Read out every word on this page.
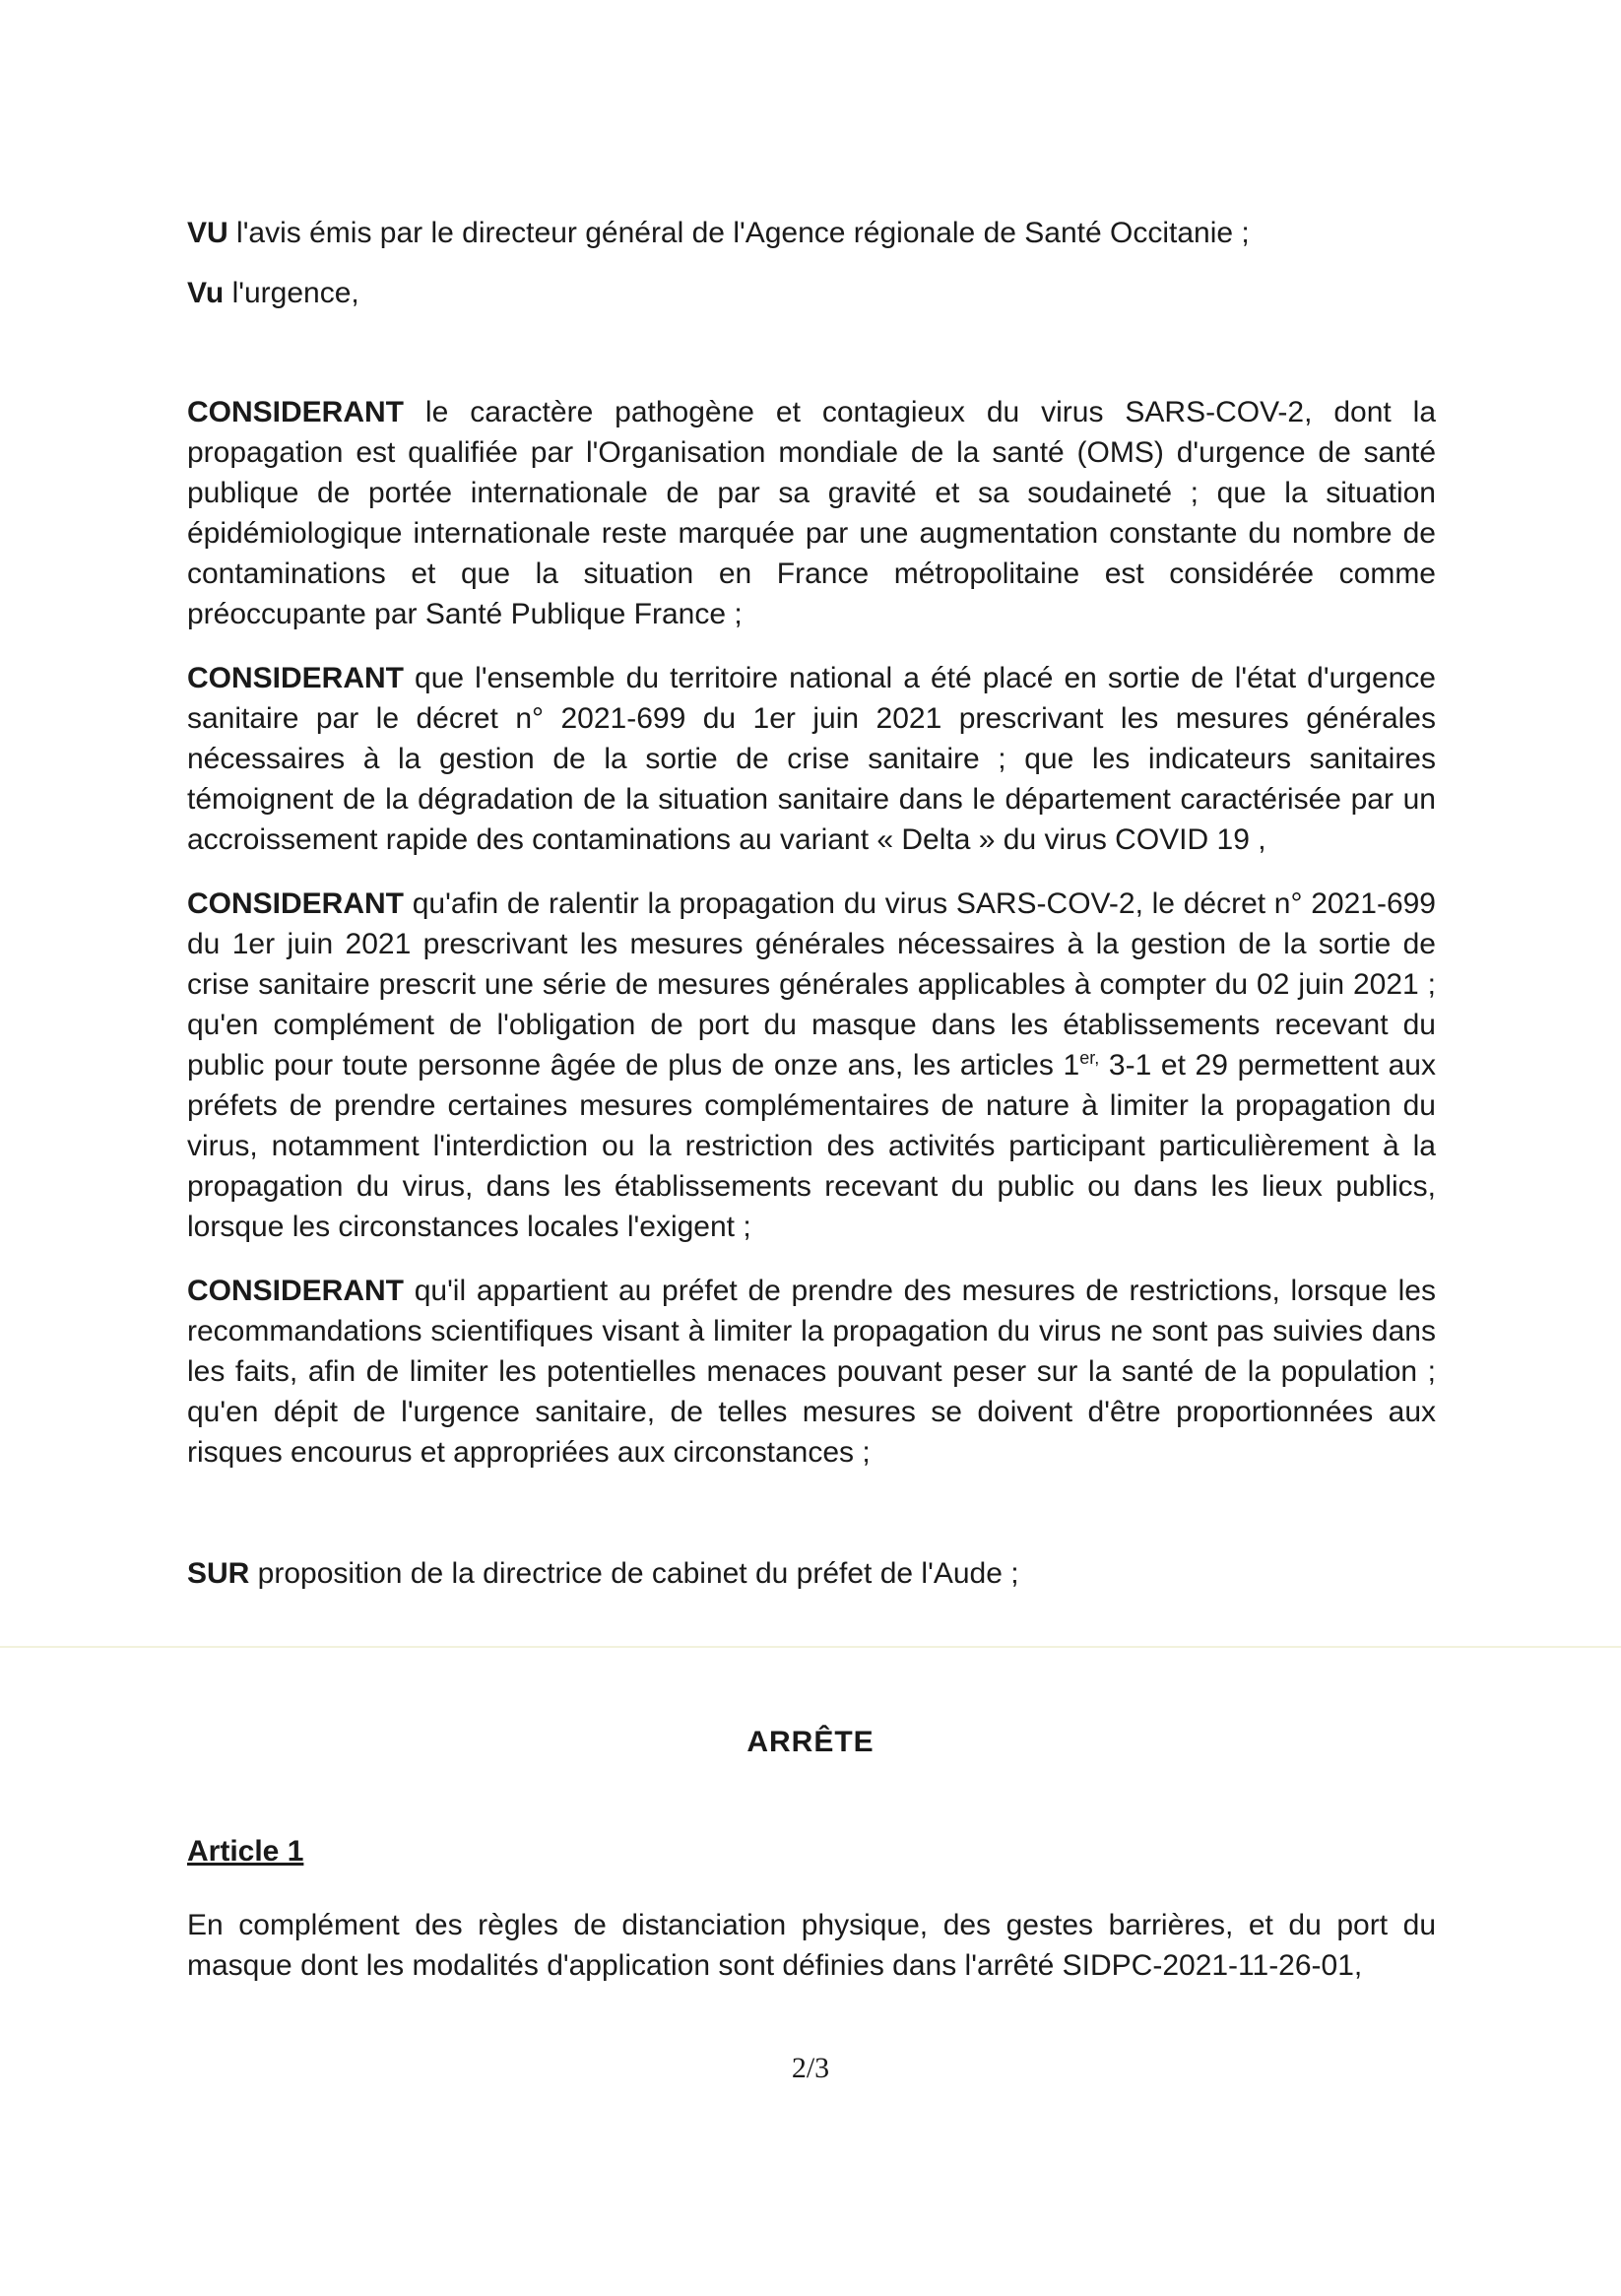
VU l'avis émis par le directeur général de l'Agence régionale de Santé Occitanie ;

Vu l'urgence,

CONSIDERANT le caractère pathogène et contagieux du virus SARS-COV-2, dont la propagation est qualifiée par l'Organisation mondiale de la santé (OMS) d'urgence de santé publique de portée internationale de par sa gravité et sa soudaineté ; que la situation épidémiologique internationale reste marquée par une augmentation constante du nombre de contaminations et que la situation en France métropolitaine est considérée comme préoccupante par Santé Publique France ;

CONSIDERANT que l'ensemble du territoire national a été placé en sortie de l'état d'urgence sanitaire par le décret n° 2021-699 du 1er juin 2021 prescrivant les mesures générales nécessaires à la gestion de la sortie de crise sanitaire ; que les indicateurs sanitaires témoignent de la dégradation de la situation sanitaire dans le département caractérisée par un accroissement rapide des contaminations au variant « Delta » du virus COVID 19 ,

CONSIDERANT qu'afin de ralentir la propagation du virus SARS-COV-2, le décret n° 2021-699 du 1er juin 2021 prescrivant les mesures générales nécessaires à la gestion de la sortie de crise sanitaire prescrit une série de mesures générales applicables à compter du 02 juin 2021 ; qu'en complément de l'obligation de port du masque dans les établissements recevant du public pour toute personne âgée de plus de onze ans, les articles $1^{er,}$ 3-1 et 29 permettent aux préfets de prendre certaines mesures complémentaires de nature à limiter la propagation du virus, notamment l'interdiction ou la restriction des activités participant particulièrement à la propagation du virus, dans les établissements recevant du public ou dans les lieux publics, lorsque les circonstances locales l'exigent ;

CONSIDERANT qu'il appartient au préfet de prendre des mesures de restrictions, lorsque les recommandations scientifiques visant à limiter la propagation du virus ne sont pas suivies dans les faits, afin de limiter les potentielles menaces pouvant peser sur la santé de la population ; qu'en dépit de l'urgence sanitaire, de telles mesures se doivent d'être proportionnées aux risques encourus et appropriées aux circonstances ;

SUR proposition de la directrice de cabinet du préfet de l'Aude ;

ARRÊTE
Article 1

En complément des règles de distanciation physique, des gestes barrières, et du port du masque dont les modalités d'application sont définies dans l'arrêté SIDPC-2021-11-26-01,

2/3
